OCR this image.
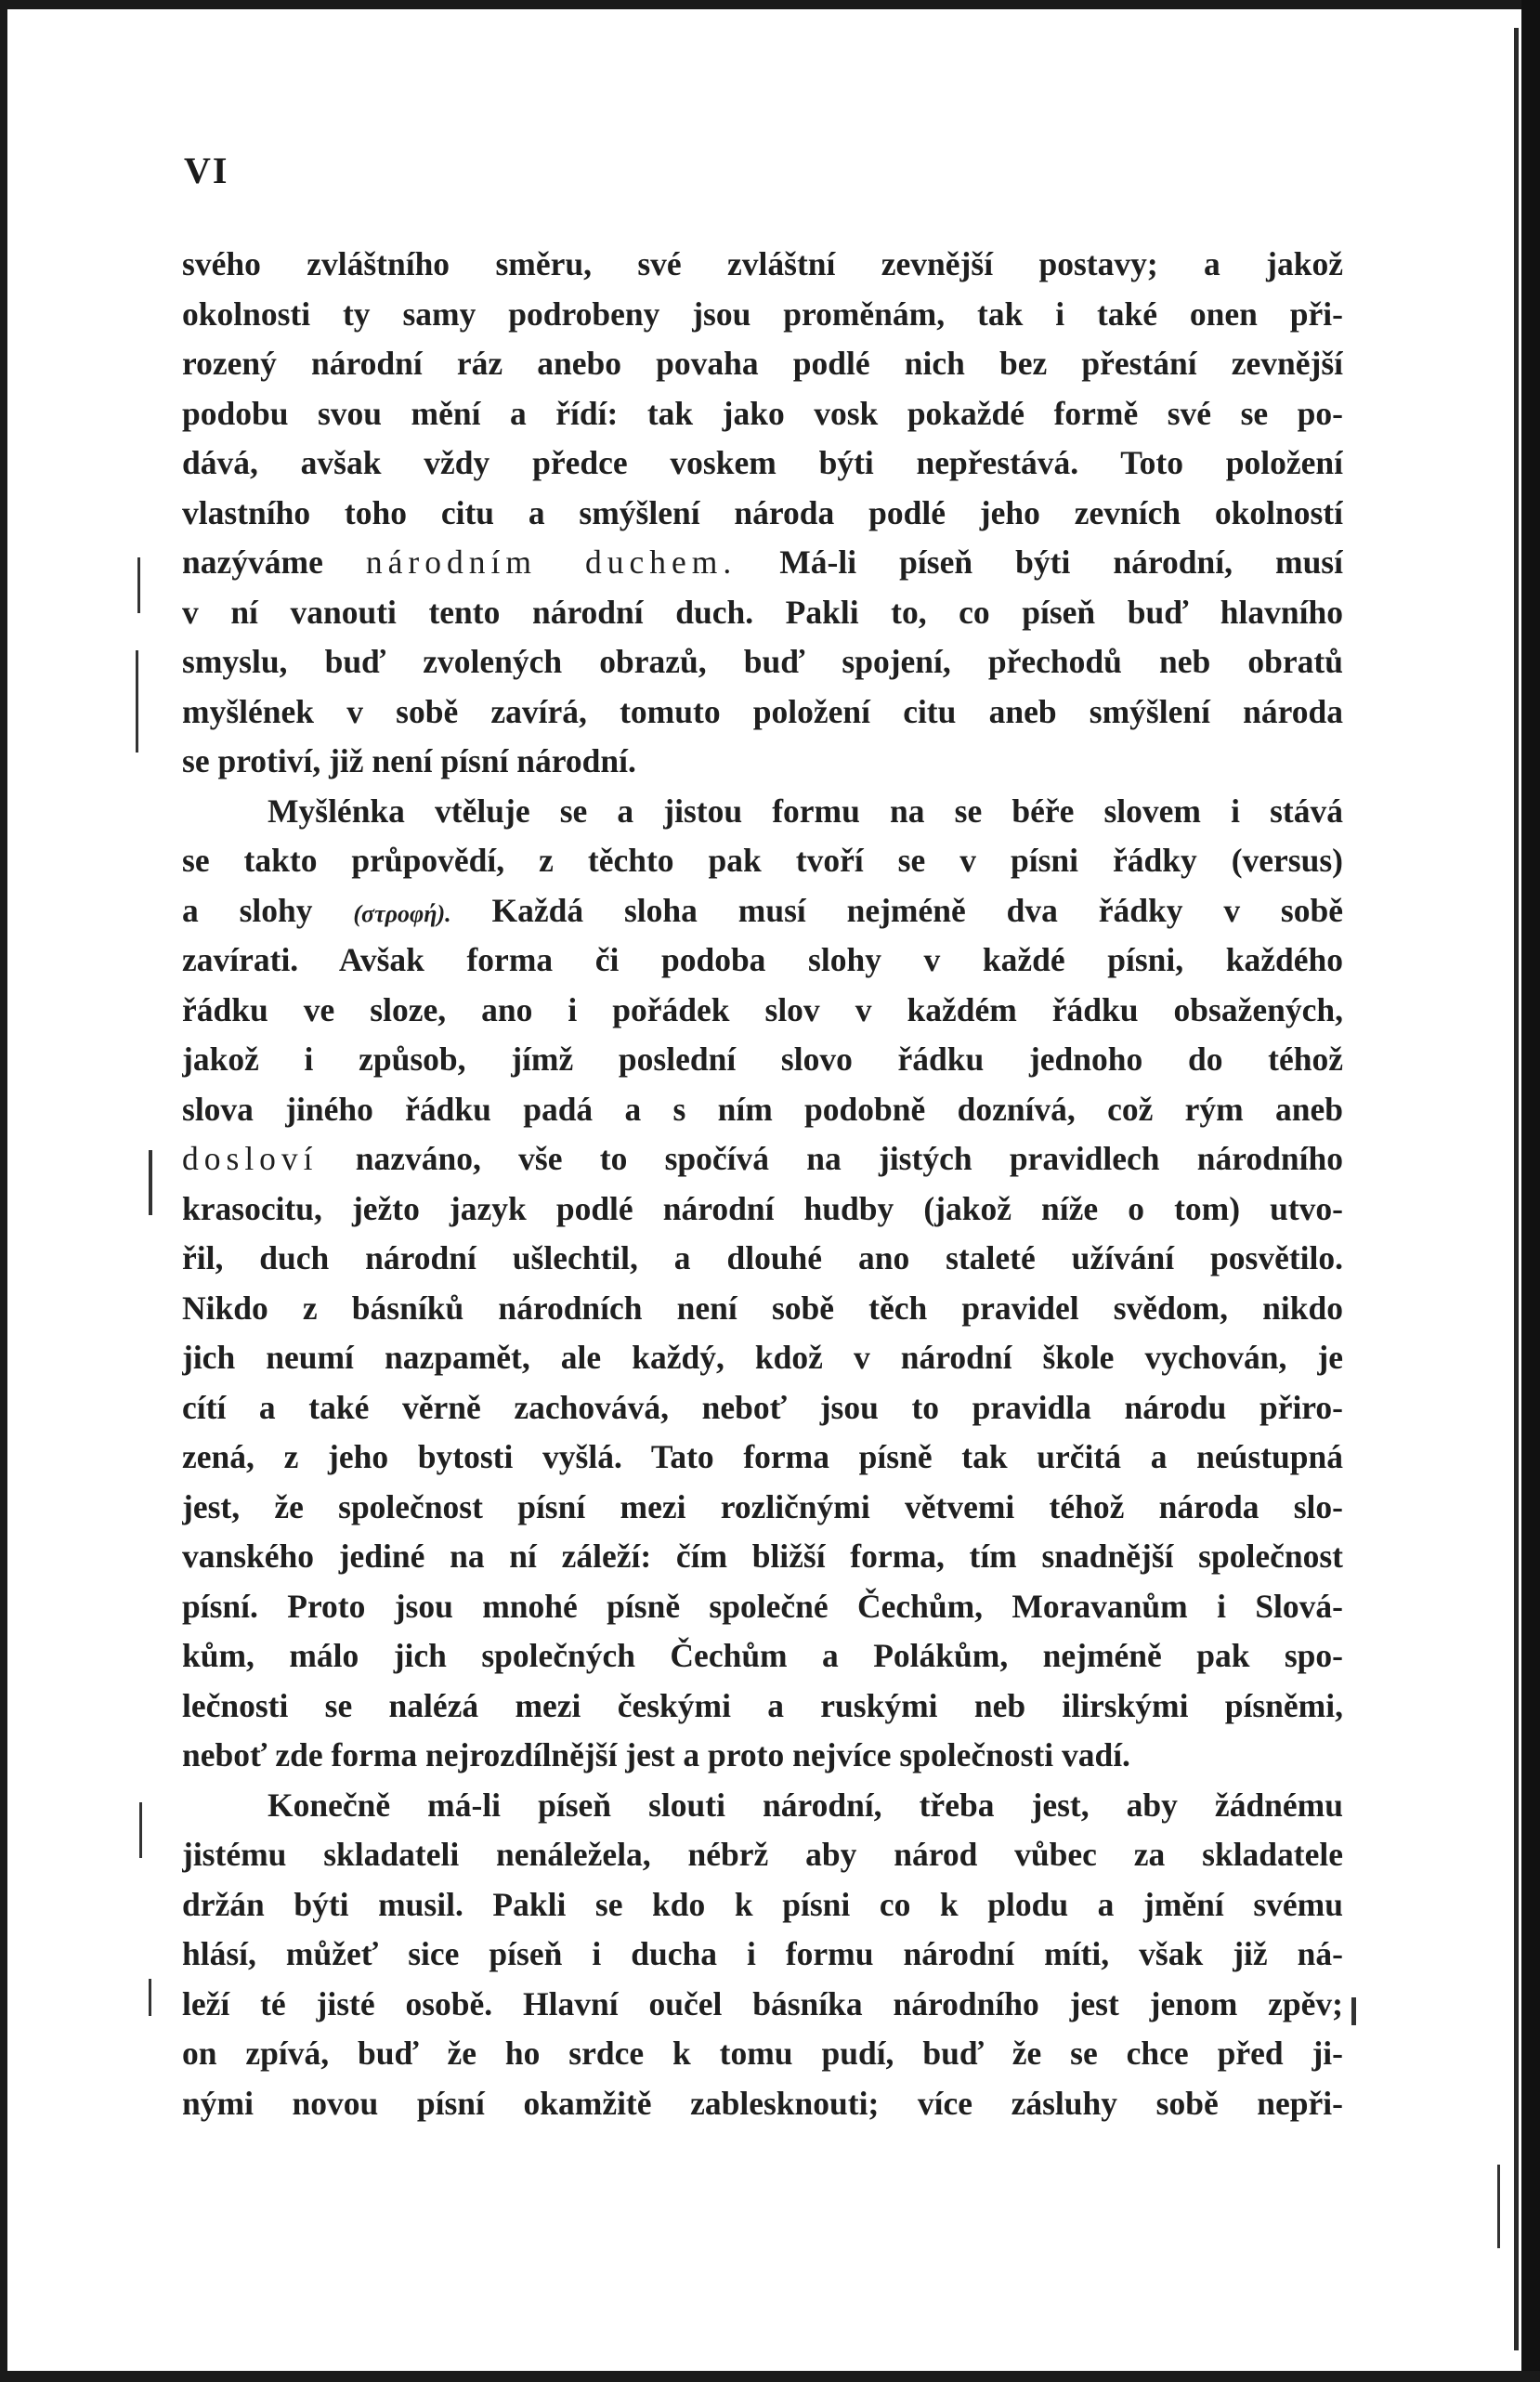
VI
svého zvláštního směru, své zvláštní zevnější postavy; a jakož
okolnosti ty samy podrobeny jsou proměnám, tak i také onen při-
rozený národní ráz anebo povaha podlé nich bez přestání zevnější
podobu svou mění a řídí: tak jako vosk pokaždé formě své se po-
dává, avšak vždy předce voskem býti nepřestává. Toto položení
vlastního toho citu a smýšlení národa podlé jeho zevních okolností
nazýváme národním duchem. Má-li píseň býti národní, musí
v ní vanouti tento národní duch. Pakli to, co píseň buď hlavního
smyslu, buď zvolených obrazů, buď spojení, přechodů neb obratů
myšlének v sobě zavírá, tomuto položení citu aneb smýšlení národa
se protiví, již není písní národní.
Myšlénka vtěluje se a jistou formu na se béře slovem i stává
se takto průpovědí, z těchto pak tvoří se v písni řádky (versus)
a slohy (στροφή). Každá sloha musí nejméně dva řádky v sobě
zavírati. Avšak forma či podoba slohy v každé písni, každého
řádku ve sloze, ano i pořádek slov v každém řádku obsažených,
jakož i způsob, jímž poslední slovo řádku jednoho do téhož
slova jiného řádku padá a s ním podobně doznívá, což rým aneb
dosloví nazváno, vše to spočívá na jistých pravidlech národního
krasocitu, ježto jazyk podlé národní hudby (jakož níže o tom) utvo-
řil, duch národní ušlechtil, a dlouhé ano staleté užívání posvětilo.
Nikdo z básníků národních není sobě těch pravidel svědom, nikdo
jich neumí nazpamět, ale každý, kdož v národní škole vychován, je
cítí a také věrně zachovává, neboť jsou to pravidla národu přiro-
zená, z jeho bytosti vyšlá. Tato forma písně tak určitá a neústupná
jest, že společnost písní mezi rozličnými větvemi téhož národa slo-
vanského jediné na ní záleží: čím bližší forma, tím snadnější společnost
písní. Proto jsou mnohé písně společné Čechům, Moravanům i Slová-
kům, málo jich společných Čechům a Polákům, nejméně pak spo-
lečnosti se nalézá mezi českými a ruskými neb ilirskými písněmi,
neboť zde forma nejrozdílnější jest a proto nejvíce společnosti vadí.
Konečně má-li píseň slouti národní, třeba jest, aby žádnému
jistému skladateli nenáležela, nébrž aby národ vůbec za skladatele
držán býti musil. Pakli se kdo k písni co k plodu a jmění svému
hlásí, můžeť sice píseň i ducha i formu národní míti, však již ná-
leží té jisté osobě. Hlavní oučel básníka národního jest jenom zpěv;
on zpívá, buď že ho srdce k tomu pudí, buď že se chce před ji-
nými novou písní okamžitě zablesknouti; více zásluhy sobě nepři-
